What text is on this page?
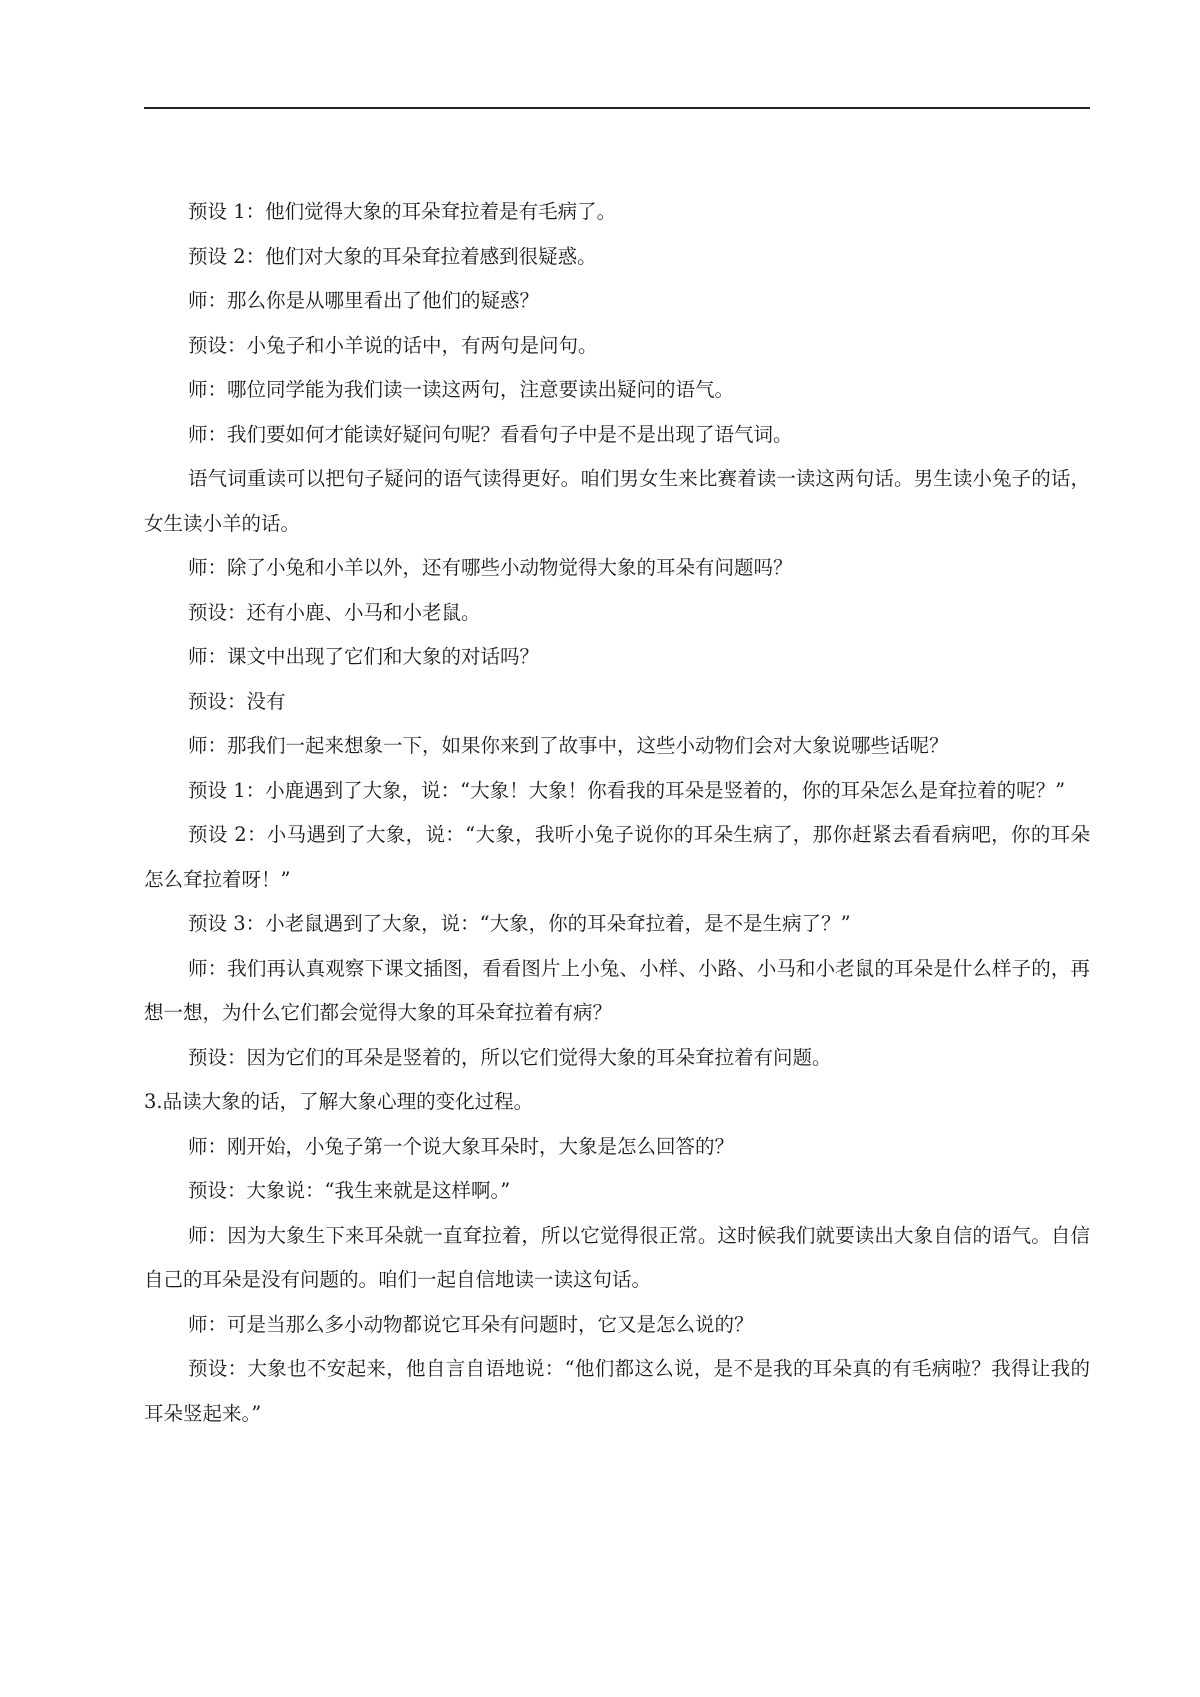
预设 1：他们觉得大象的耳朵耷拉着是有毛病了。

预设 2：他们对大象的耳朵耷拉着感到很疑惑。

师：那么你是从哪里看出了他们的疑惑？

预设：小兔子和小羊说的话中，有两句是问句。

师：哪位同学能为我们读一读这两句，注意要读出疑问的语气。

师：我们要如何才能读好疑问句呢？看看句子中是不是出现了语气词。

语气词重读可以把句子疑问的语气读得更好。咱们男女生来比赛着读一读这两句话。男生读小兔子的话，女生读小羊的话。

师：除了小兔和小羊以外，还有哪些小动物觉得大象的耳朵有问题吗？

预设：还有小鹿、小马和小老鼠。

师：课文中出现了它们和大象的对话吗？

预设：没有

师：那我们一起来想象一下，如果你来到了故事中，这些小动物们会对大象说哪些话呢？

预设 1：小鹿遇到了大象，说：“大象！大象！你看我的耳朵是竖着的，你的耳朵怎么是耷拉着的呢？”

预设 2：小马遇到了大象，说：“大象，我听小兔子说你的耳朵生病了，那你赶紧去看看病吧，你的耳朵怎么耷拉着呀！”

预设 3：小老鼠遇到了大象，说：“大象，你的耳朵耷拉着，是不是生病了？”

师：我们再认真观察下课文插图，看看图片上小兔、小样、小路、小马和小老鼠的耳朵是什么样子的，再想一想，为什么它们都会觉得大象的耳朵耷拉着有病？

预设：因为它们的耳朵是竖着的，所以它们觉得大象的耳朵耷拉着有问题。

3.品读大象的话，了解大象心理的变化过程。

师：刚开始，小兔子第一个说大象耳朵时，大象是怎么回答的？

预设：大象说：“我生来就是这样啊。”

师：因为大象生下来耳朵就一直耷拉着，所以它觉得很正常。这时候我们就要读出大象自信的语气。自信自己的耳朵是没有问题的。咱们一起自信地读一读这句话。

师：可是当那么多小动物都说它耳朵有问题时，它又是怎么说的？

预设：大象也不安起来，他自言自语地说：“他们都这么说，是不是我的耳朵真的有毛病啦？我得让我的耳朵竖起来。”
